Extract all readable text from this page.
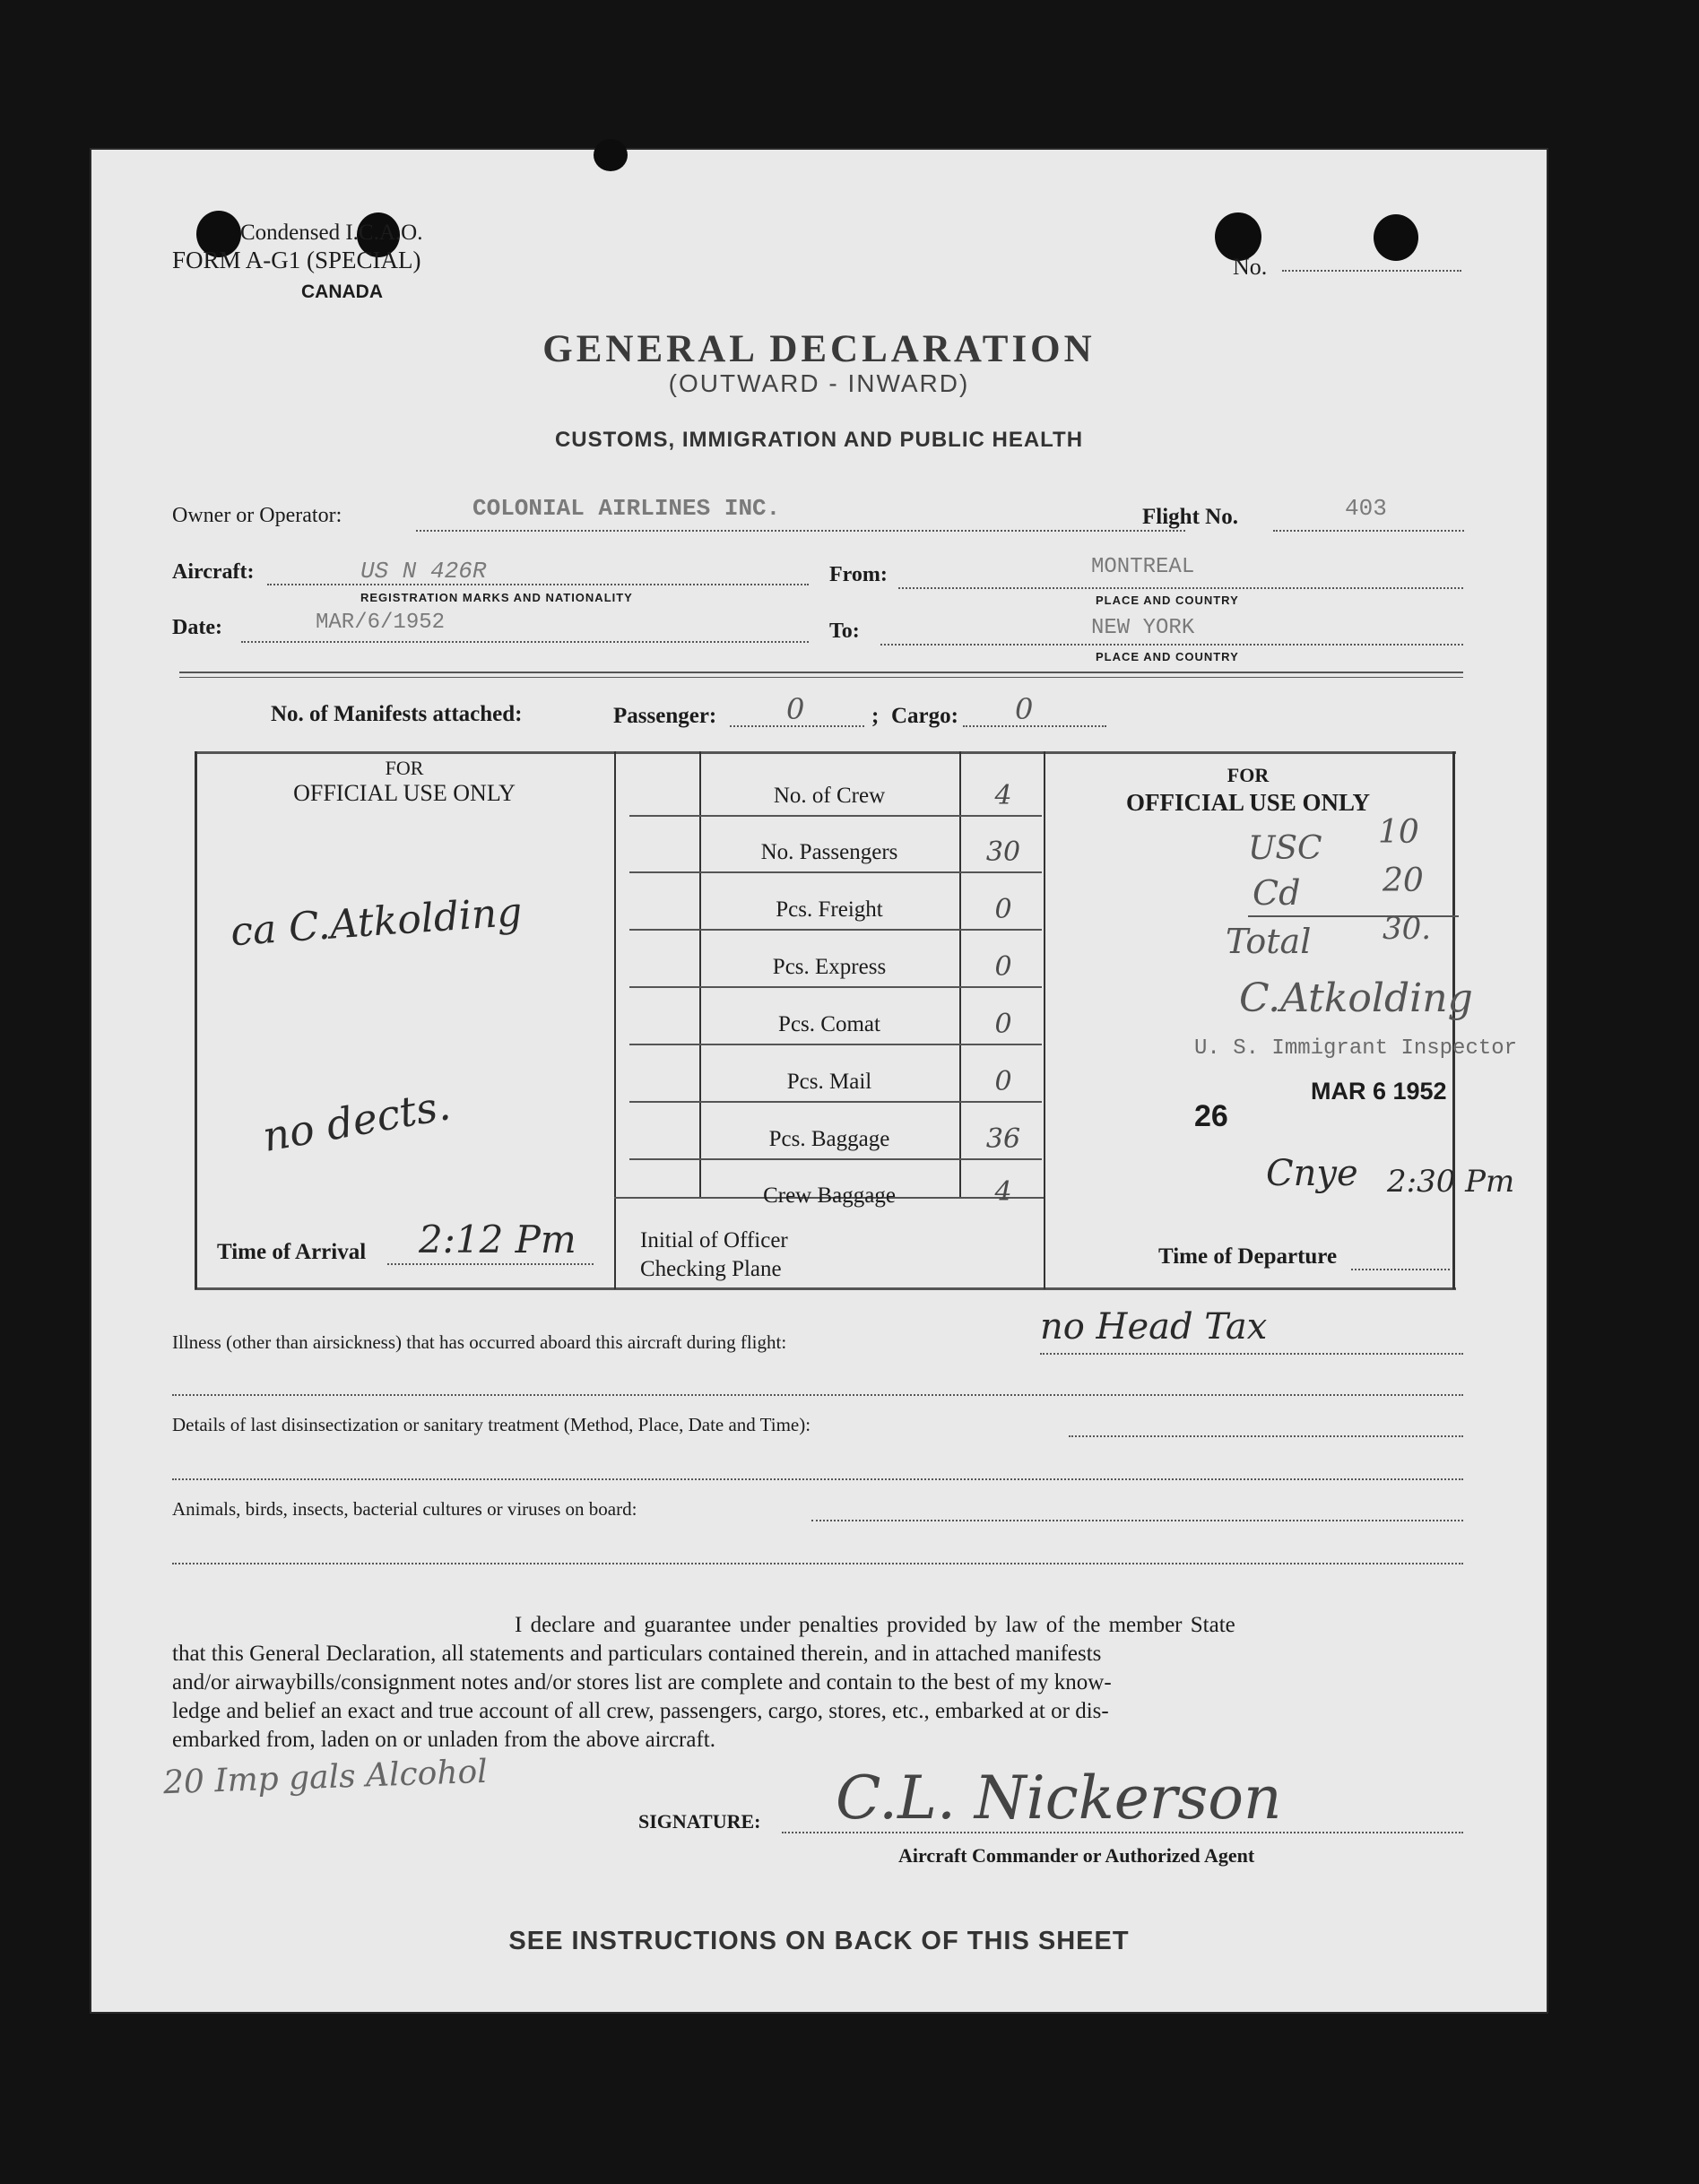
Condensed I.C.A.O.
FORM A-G1 (SPECIAL)
CANADA
No.
GENERAL DECLARATION
(OUTWARD - INWARD)
CUSTOMS, IMMIGRATION AND PUBLIC HEALTH
Owner or Operator:	COLONIAL AIRLINES INC.	Flight No.	403
Aircraft:	US N 426R
REGISTRATION MARKS AND NATIONALITY
From:	MONTREAL
PLACE AND COUNTRY
Date:	MAR/6/1952	To:	NEW YORK
PLACE AND COUNTRY
No. of Manifests attached:	Passenger: 0	; Cargo: 0
FOR
OFFICIAL USE ONLY
ca C.Atkolding
no dects.
Time of Arrival 2:12 Pm
No. of Crew	4
No. Passengers	30
Pcs. Freight	0
Pcs. Express	0
Pcs. Comat	0
Pcs. Mail	0
Pcs. Baggage	36
Crew Baggage	4
Initial of Officer
Checking Plane
FOR
OFFICIAL USE ONLY
USC 10
Cd	20
Total 30.
C.Atkolding
U. S. Immigrant Inspector
MAR 6 1952
26
Cnye 2:30 Pm
Time of Departure
Illness (other than airsickness) that has occurred aboard this aircraft during flight:	no Head Tax
Details of last disinsectization or sanitary treatment (Method, Place, Date and Time):
Animals, birds, insects, bacterial cultures or viruses on board:
I declare and guarantee under penalties provided by law of the member State
that this General Declaration, all statements and particulars contained therein, and in attached manifests
and/or airwaybills/consignment notes and/or stores list are complete and contain to the best of my know-
ledge and belief an exact and true account of all crew, passengers, cargo, stores, etc., embarked at or dis-
embarked from, laden on or unladen from the above aircraft.
20 Imp gals Alcohol
SIGNATURE: C.L. Nickerson
Aircraft Commander or Authorized Agent
SEE INSTRUCTIONS ON BACK OF THIS SHEET
